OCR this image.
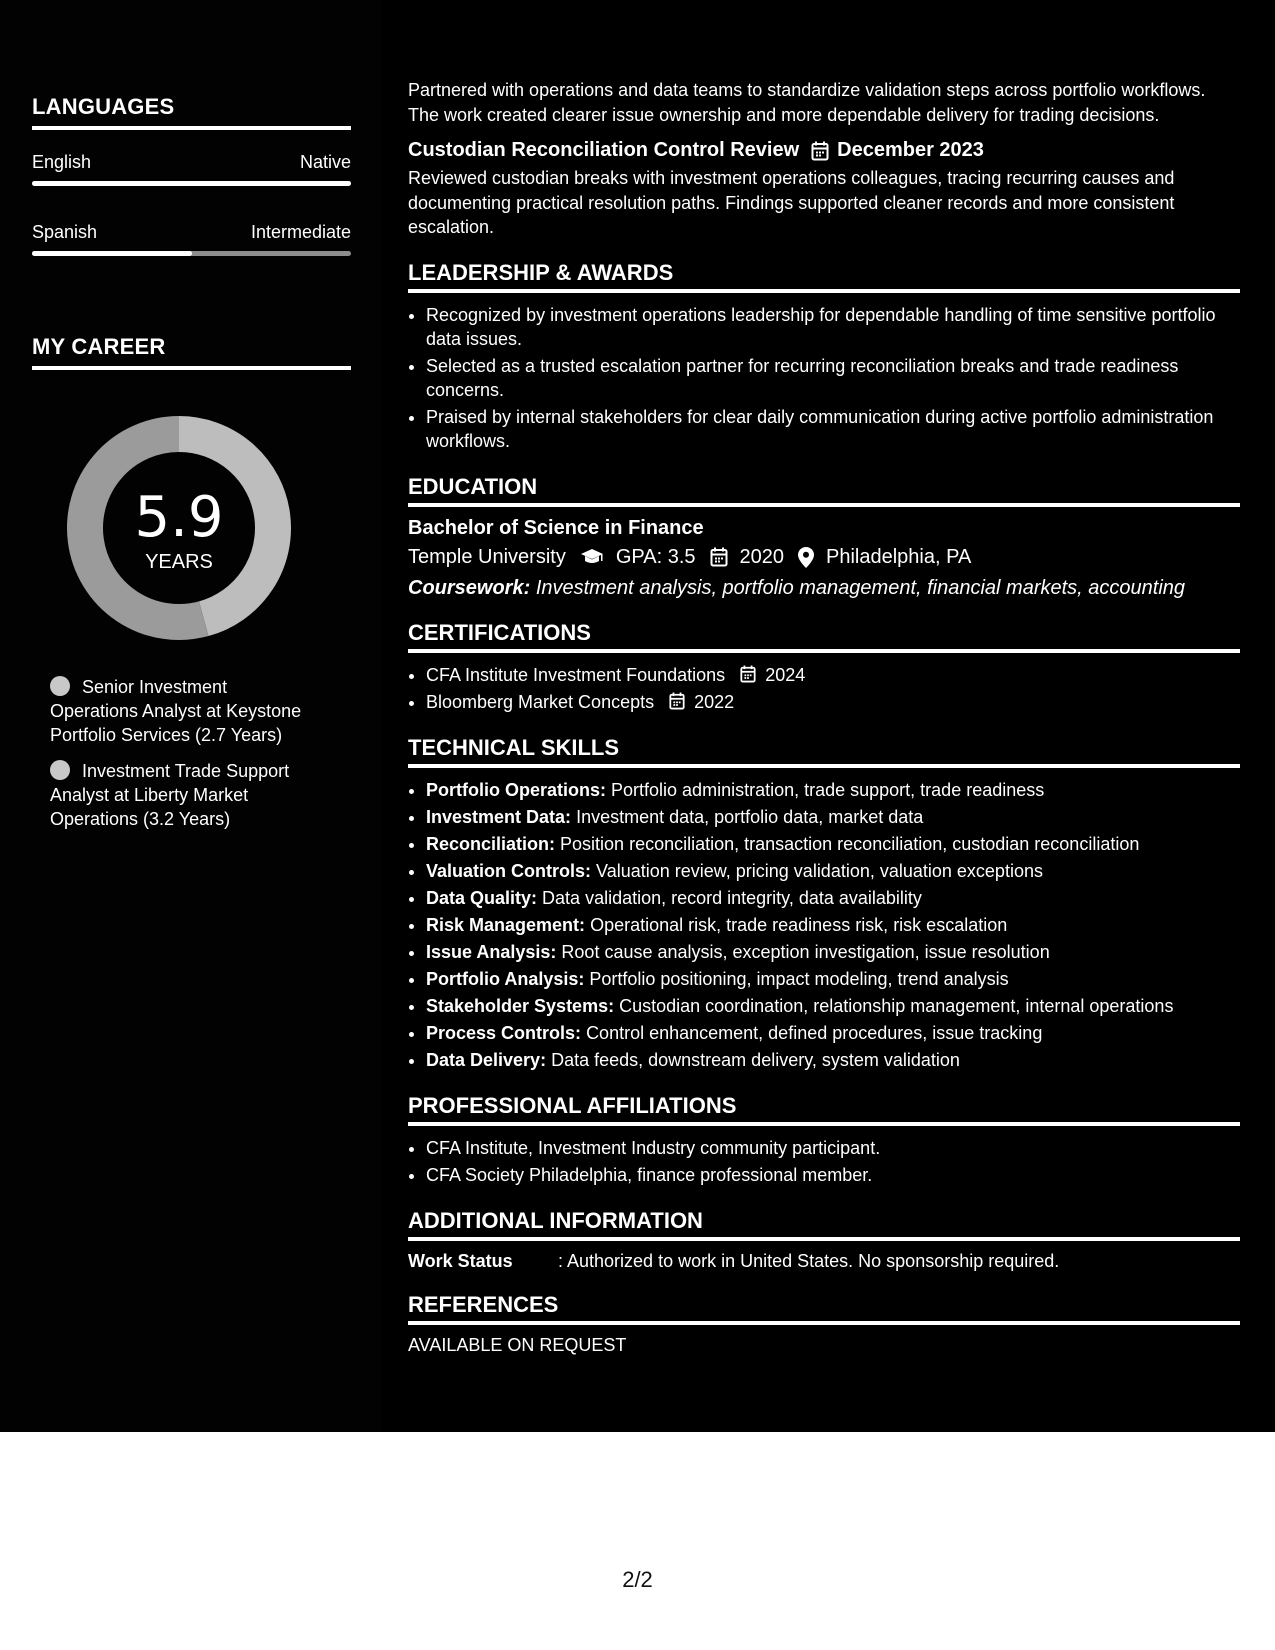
LANGUAGES
English	Native
Spanish	Intermediate
MY CAREER
5.9
YEARS
Senior Investment Operations Analyst at Keystone Portfolio Services (2.7 Years)
Investment Trade Support Analyst at Liberty Market Operations (3.2 Years)
Partnered with operations and data teams to standardize validation steps across portfolio workflows. The work created clearer issue ownership and more dependable delivery for trading decisions.
Custodian Reconciliation Control Review December 2023
Reviewed custodian breaks with investment operations colleagues, tracing recurring causes and documenting practical resolution paths. Findings supported cleaner records and more consistent escalation.
LEADERSHIP & AWARDS
• Recognized by investment operations leadership for dependable handling of time sensitive portfolio data issues.
• Selected as a trusted escalation partner for recurring reconciliation breaks and trade readiness concerns.
• Praised by internal stakeholders for clear daily communication during active portfolio administration workflows.
EDUCATION
Bachelor of Science in Finance
Temple University	GPA: 3.5 2020 Philadelphia, PA
Coursework: Investment analysis, portfolio management, financial markets, accounting
CERTIFICATIONS
• CFA Institute Investment Foundations 2024
• Bloomberg Market Concepts 2022
TECHNICAL SKILLS
• Portfolio Operations: Portfolio administration, trade support, trade readiness
• Investment Data: Investment data, portfolio data, market data
• Reconciliation: Position reconciliation, transaction reconciliation, custodian reconciliation
• Valuation Controls: Valuation review, pricing validation, valuation exceptions
• Data Quality: Data validation, record integrity, data availability
• Risk Management: Operational risk, trade readiness risk, risk escalation
• Issue Analysis: Root cause analysis, exception investigation, issue resolution
• Portfolio Analysis: Portfolio positioning, impact modeling, trend analysis
• Stakeholder Systems: Custodian coordination, relationship management, internal operations
• Process Controls: Control enhancement, defined procedures, issue tracking
• Data Delivery: Data feeds, downstream delivery, system validation
PROFESSIONAL AFFILIATIONS
• CFA Institute, Investment Industry community participant.
• CFA Society Philadelphia, finance professional member.
ADDITIONAL INFORMATION
Work Status	: Authorized to work in United States. No sponsorship required.
REFERENCES
AVAILABLE ON REQUEST
2/2
